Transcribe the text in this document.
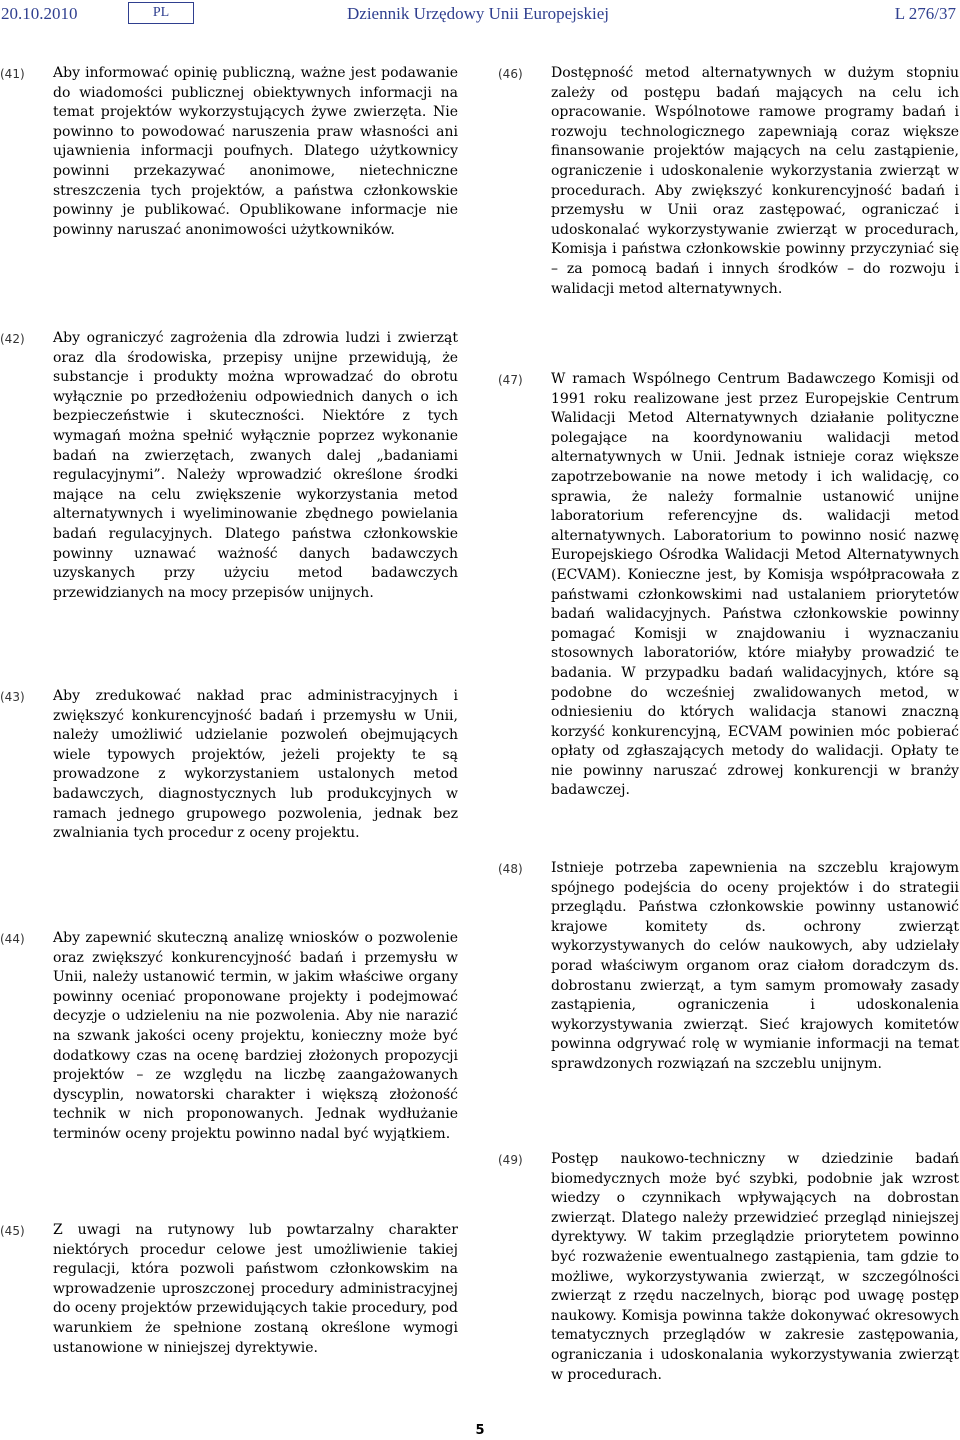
20.10.2010	PL	Dziennik Urzędowy Unii Europejskiej	L 276/37
(41) Aby informować opinię publiczną, ważne jest podawanie do wiadomości publicznej obiektywnych informacji na temat projektów wykorzystujących żywe zwierzęta. Nie powinno to powodować naruszenia praw własności ani ujawnienia informacji poufnych. Dlatego użytkownicy powinni przekazywać anonimowe, nietechniczne streszczenia tych projektów, a państwa członkowskie powinny je publikować. Opublikowane informacje nie powinny naruszać anonimowości użytkowników.
(42) Aby ograniczyć zagrożenia dla zdrowia ludzi i zwierząt oraz dla środowiska, przepisy unijne przewidują, że substancje i produkty można wprowadzać do obrotu wyłącznie po przedłożeniu odpowiednich danych o ich bezpieczeństwie i skuteczności. Niektóre z tych wymagań można spełnić wyłącznie poprzez wykonanie badań na zwierzętach, zwanych dalej „badaniami regulacyjnymi”. Należy wprowadzić określone środki mające na celu zwiększenie wykorzystania metod alternatywnych i wyeliminowanie zbędnego powielania badań regulacyjnych. Dlatego państwa członkowskie powinny uznawać ważność danych badawczych uzyskanych przy użyciu metod badawczych przewidzianych na mocy przepisów unijnych.
(43) Aby zredukować nakład prac administracyjnych i zwiększyć konkurencyjność badań i przemysłu w Unii, należy umożliwić udzielanie pozwoleń obejmujących wiele typowych projektów, jeżeli projekty te są prowadzone z wykorzystaniem ustalonych metod badawczych, diagnostycznych lub produkcyjnych w ramach jednego grupowego pozwolenia, jednak bez zwalniania tych procedur z oceny projektu.
(44) Aby zapewnić skuteczną analizę wniosków o pozwolenie oraz zwiększyć konkurencyjność badań i przemysłu w Unii, należy ustanowić termin, w jakim właściwe organy powinny oceniać proponowane projekty i podejmować decyzje o udzieleniu na nie pozwolenia. Aby nie narazić na szwank jakości oceny projektu, konieczny może być dodatkowy czas na ocenę bardziej złożonych propozycji projektów – ze względu na liczbę zaangażowanych dyscyplin, nowatorski charakter i większą złożoność technik w nich proponowanych. Jednak wydłużanie terminów oceny projektu powinno nadal być wyjątkiem.
(45) Z uwagi na rutynowy lub powtarzalny charakter niektórych procedur celowe jest umożliwienie takiej regulacji, która pozwoli państwom członkowskim na wprowadzenie uproszczonej procedury administracyjnej do oceny projektów przewidujących takie procedury, pod warunkiem że spełnione zostaną określone wymogi ustanowione w niniejszej dyrektywie.
(46) Dostępność metod alternatywnych w dużym stopniu zależy od postępu badań mających na celu ich opracowanie. Wspólnotowe ramowe programy badań i rozwoju technologicznego zapewniają coraz większe finansowanie projektów mających na celu zastąpienie, ograniczenie i udoskonalenie wykorzystania zwierząt w procedurach. Aby zwiększyć konkurencyjność badań i przemysłu w Unii oraz zastępować, ograniczać i udoskonalać wykorzystywanie zwierząt w procedurach, Komisja i państwa członkowskie powinny przyczyniać się – za pomocą badań i innych środków – do rozwoju i walidacji metod alternatywnych.
(47) W ramach Wspólnego Centrum Badawczego Komisji od 1991 roku realizowane jest przez Europejskie Centrum Walidacji Metod Alternatywnych działanie polityczne polegające na koordynowaniu walidacji metod alternatywnych w Unii. Jednak istnieje coraz większe zapotrzebowanie na nowe metody i ich walidację, co sprawia, że należy formalnie ustanowić unijne laboratorium referencyjne ds. walidacji metod alternatywnych. Laboratorium to powinno nosić nazwę Europejskiego Ośrodka Walidacji Metod Alternatywnych (ECVAM). Konieczne jest, by Komisja współpracowała z państwami członkowskimi nad ustalaniem priorytetów badań walidacyjnych. Państwa członkowskie powinny pomagać Komisji w znajdowaniu i wyznaczaniu stosownych laboratoriów, które miałyby prowadzić te badania. W przypadku badań walidacyjnych, które są podobne do wcześniej zwalidowanych metod, w odniesieniu do których walidacja stanowi znaczną korzyść konkurencyjną, ECVAM powinien móc pobierać opłaty od zgłaszających metody do walidacji. Opłaty te nie powinny naruszać zdrowej konkurencji w branży badawczej.
(48) Istnieje potrzeba zapewnienia na szczeblu krajowym spójnego podejścia do oceny projektów i do strategii przeglądu. Państwa członkowskie powinny ustanowić krajowe komitety ds. ochrony zwierząt wykorzystywanych do celów naukowych, aby udzielały porad właściwym organom oraz ciałom doradczym ds. dobrostanu zwierząt, a tym samym promowały zasady zastąpienia, ograniczenia i udoskonalenia wykorzystywania zwierząt. Sieć krajowych komitetów powinna odgrywać rolę w wymianie informacji na temat sprawdzonych rozwiązań na szczeblu unijnym.
(49) Postęp naukowo-techniczny w dziedzinie badań biomedycznych może być szybki, podobnie jak wzrost wiedzy o czynnikach wpływających na dobrostan zwierząt. Dlatego należy przewidzieć przegląd niniejszej dyrektywy. W takim przeglądzie priorytetem powinno być rozważenie ewentualnego zastąpienia, tam gdzie to możliwe, wykorzystywania zwierząt, w szczególności zwierząt z rzędu naczelnych, biorąc pod uwagę postęp naukowy. Komisja powinna także dokonywać okresowych tematycznych przeglądów w zakresie zastępowania, ograniczania i udoskonalania wykorzystywania zwierząt w procedurach.
5
